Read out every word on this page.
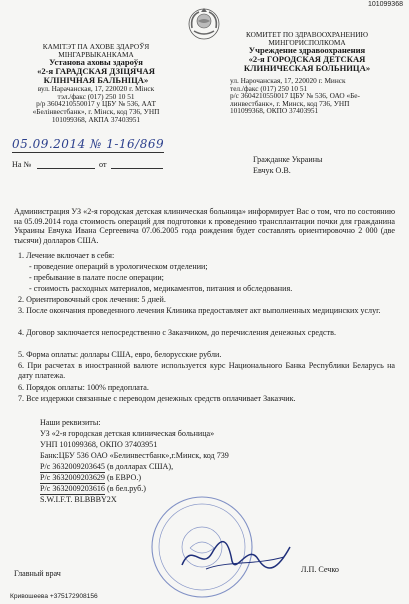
101099368
КАМІТЭТ ПА АХОВЕ ЗДАРОЎЯ
МІНГАРВЫКАНКАМА
Установа аховы здароўя
«2-я ГАРАДСКАЯ ДЗІЦЯЧАЯ
КЛІНІЧНАЯ БАЛЬНІЦА»
вул. Нарачанская, 17, 220020 г. Мінск
тэл./факс (017) 250 10 51
р/р 3604210550017 у ЦБУ № 536, ААТ
«Белінвестбанк», г. Мінск, код 736, УНП
101099368, АКПА 37403951
КОМИТЕТ ПО ЗДРАВООХРАНЕНИЮ
МИНГОРИСПОЛКОМА
Учреждение здравоохранения
«2-я ГОРОДСКАЯ ДЕТСКАЯ
КЛИНИЧЕСКАЯ БОЛЬНИЦА»
ул. Нарочанская, 17, 220020 г. Минск
тел./факс (017) 250 10 51
р/с 3604210550017 ЦБУ № 536, ОАО «Бе-
линвестбанк», г. Минск, код 736, УНП
101099368, ОКПО 37403951
05.09.2014 № 1-16/869
На №	от
Гражданке Украины
Евчук О.В.
Администрация УЗ «2-я городская детская клиническая больница» информирует Вас о том, что по состоянию на 05.09.2014 года стоимость операций для подготовки к проведению трансплантации почки для гражданина Украины Евчука Ивана Сергеевича 07.06.2005 года рождения будет составлять ориентировочно 2 000 (две тысячи) долларов США.
1. Лечение включает в себя:
- проведение операций в урологическом отделении;
- пребывание в палате после операции;
- стоимость расходных материалов, медикаментов, питания и обследования.
2. Ориентировочный срок лечения: 5 дней.
3. После окончания проведенного лечения Клиника предоставляет акт выполненных медицинских услуг.
4. Договор заключается непосредственно с Заказчиком, до перечисления денежных средств.
5. Форма оплаты: доллары США, евро, белорусские рубли.
6. При расчетах в иностранной валюте используется курс Национального Банка Республики Беларусь на дату платежа.
6. Порядок оплаты: 100% предоплата.
7. Все издержки связанные с переводом денежных средств оплачивает Заказчик.
Наши реквизиты:
УЗ «2-я городская детская клиническая больница»
УНП 101099368, ОКПО 37403951
Банк:ЦБУ 536 ОАО «Белинвестбанк»,г.Минск, код 739
Р/с 3632009203645 (в долларах США),
Р/с 3632009203629 (в ЕВРО.)
Р/с 3632009203616 (в бел.руб.)
S.W.I.F.T. BLBBBY2X
Главный врач	Л.П. Сечко
Кривошеева +375172908156
